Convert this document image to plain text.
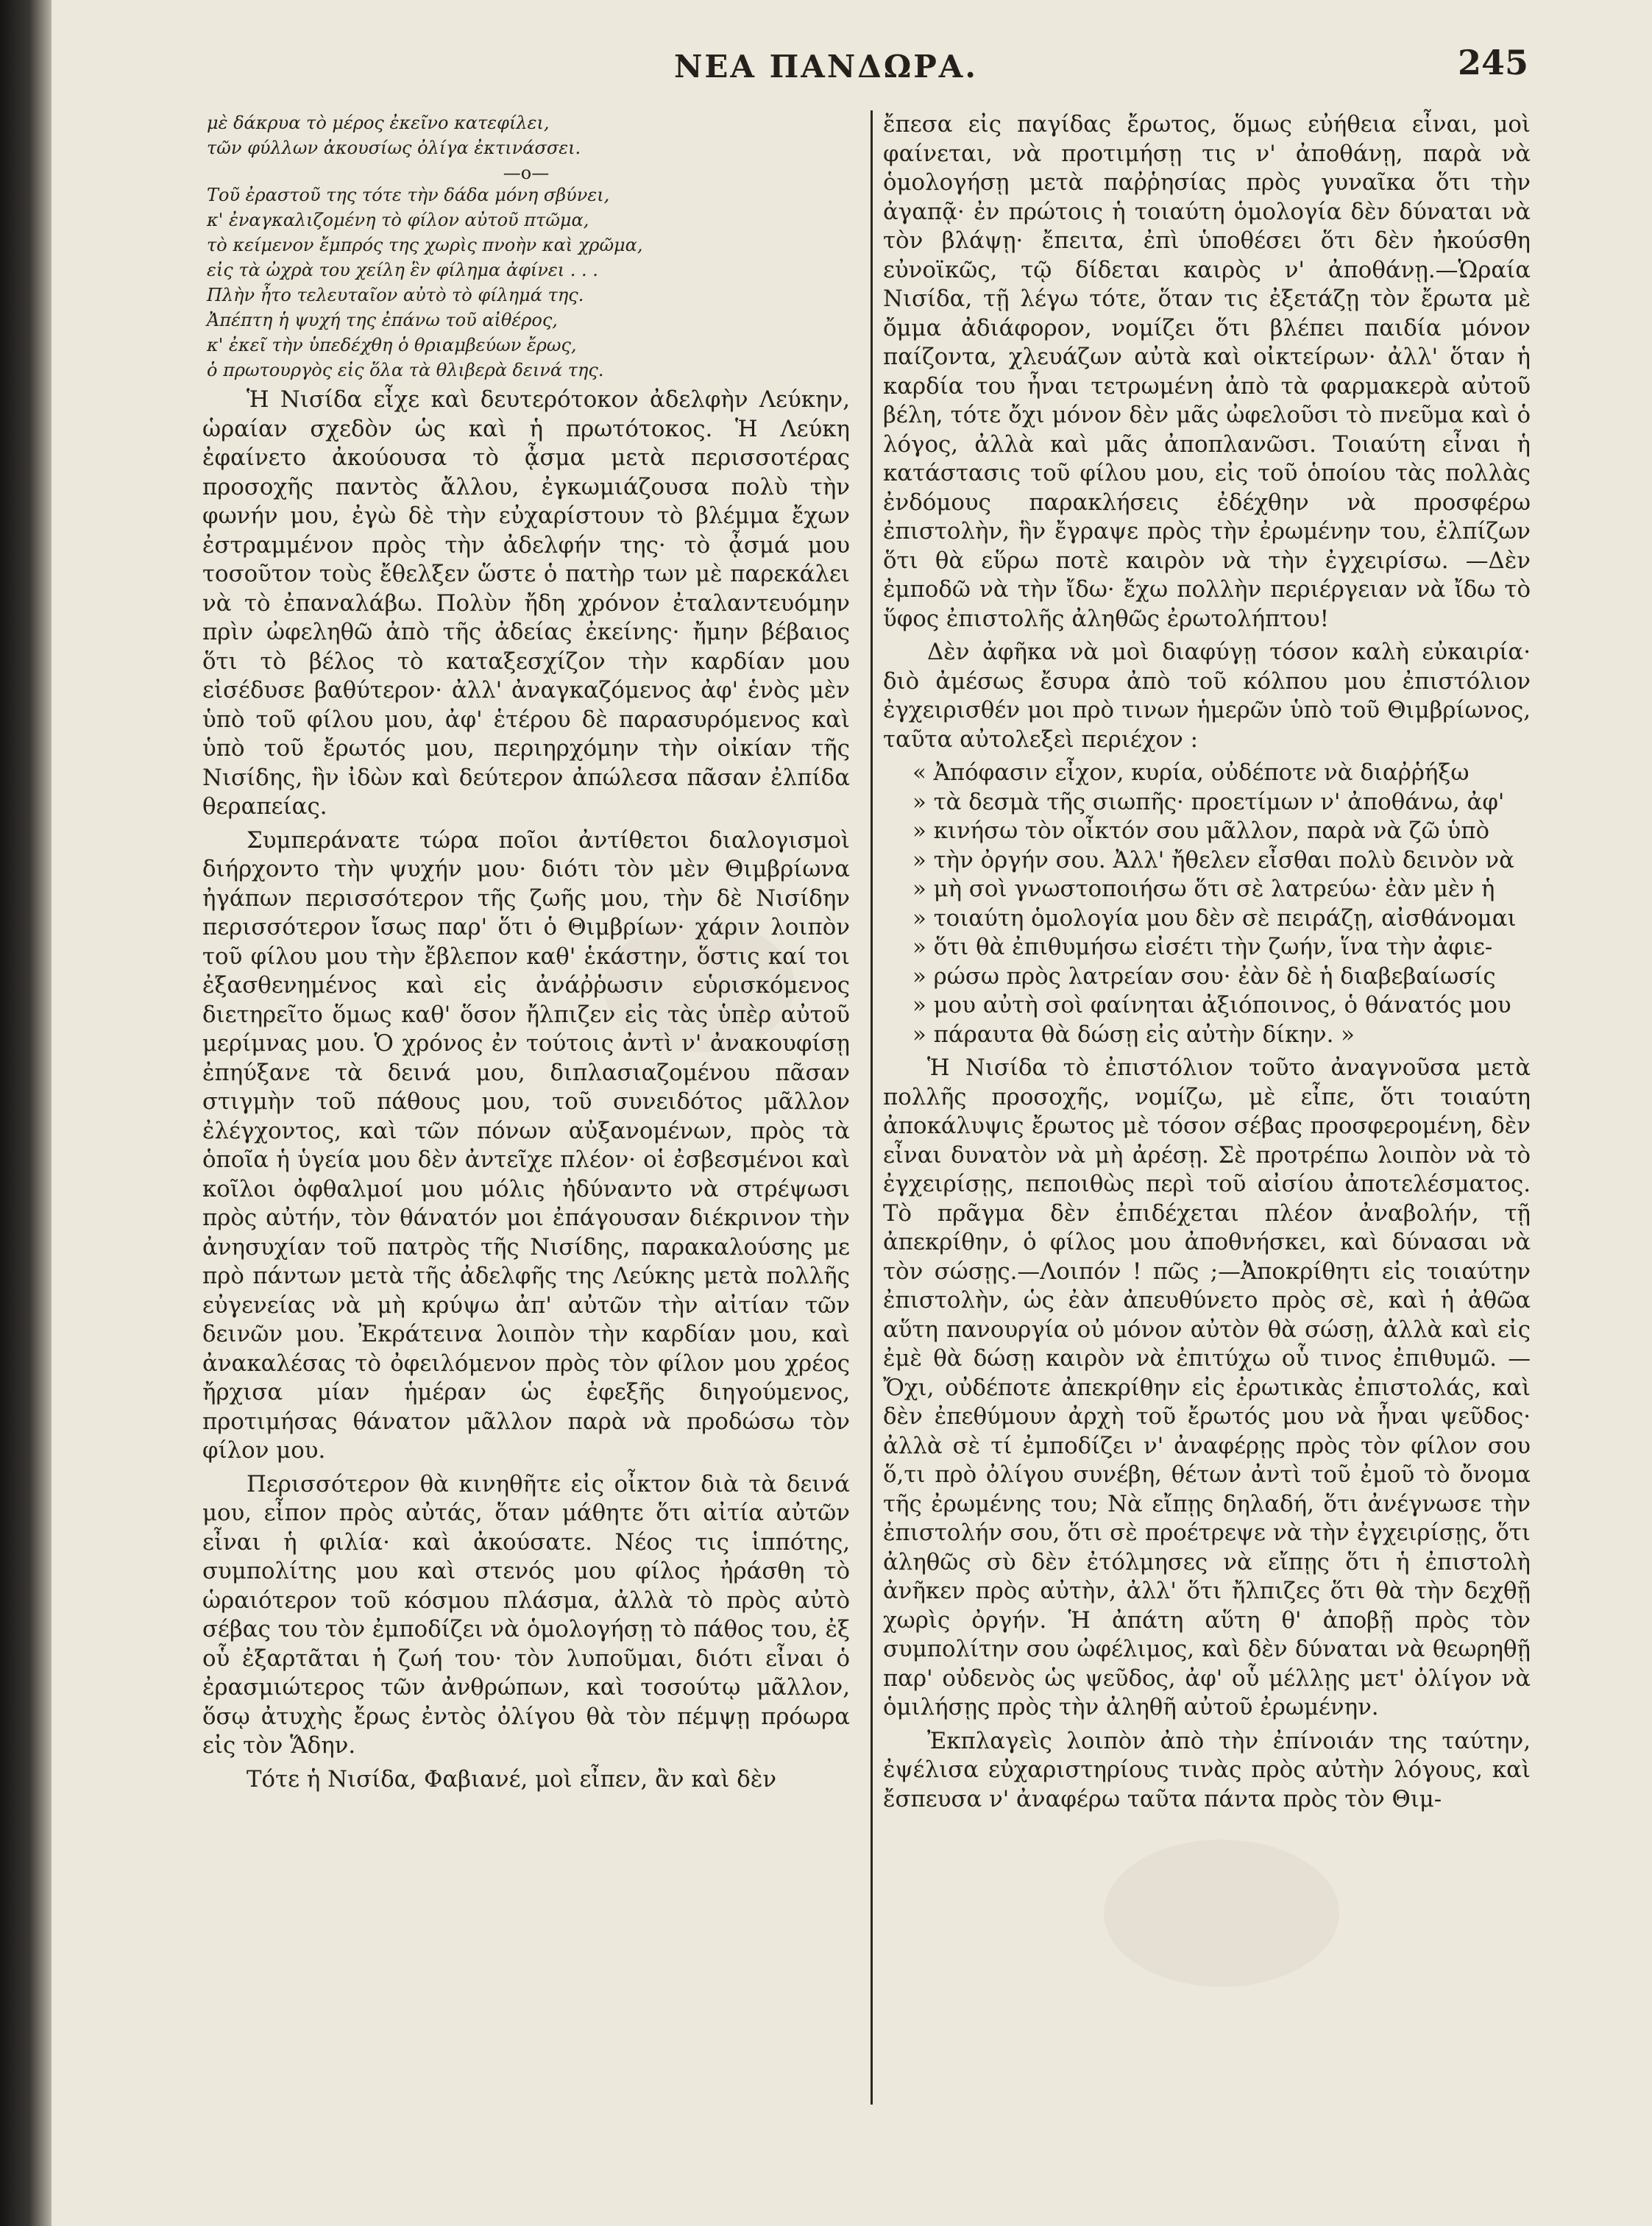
ΝΕΑ ΠΑΝΔΩΡΑ.	245

μὲ δάκρυα τὸ μέρος ἐκεῖνο κατεφίλει,

τῶν φύλλων ἀκουσίως ὀλίγα ἐκτινάσσει.

—o—

Τοῦ ἐραστοῦ της τότε τὴν δάδα μόνη σβύνει,

κ' ἐναγκαλιζομένη τὸ φίλον αὐτοῦ πτῶμα,

τὸ κείμενον ἔμπρός της χωρὶς πνοὴν καὶ χρῶμα,

εἰς τὰ ὠχρὰ του χείλη ἓν φίλημα ἀφίνει . . .

Πλὴν ἦτο τελευταῖον αὐτὸ τὸ φίλημά της.

Ἀπέπτη ἡ ψυχή της ἐπάνω τοῦ αἰθέρος,

κ' ἐκεῖ τὴν ὑπεδέχθη ὁ θριαμβεύων ἔρως,

ὁ πρωτουργὸς εἰς ὅλα τὰ θλιβερὰ δεινά της.

Ἡ Νισίδα εἶχε καὶ δευτερότοκον ἀδελφὴν Λεύκην, ὡραίαν σχεδὸν ὡς καὶ ἡ πρωτότοκος. Ἡ Λεύκη ἐφαίνετο ἀκούουσα τὸ ᾆσμα μετὰ περισσοτέρας προσοχῆς παντὸς ἄλλου, ἐγκωμιάζουσα πολὺ τὴν φωνήν μου, ἐγὼ δὲ τὴν εὐχαρίστουν τὸ βλέμμα ἔχων ἐστραμμένον πρὸς τὴν ἀδελφήν της· τὸ ᾆσμά μου τοσοῦτον τοὺς ἔθελξεν ὥστε ὁ πατὴρ των μὲ παρεκάλει νὰ τὸ ἐπαναλάβω. Πολὺν ἤδη χρόνον ἐταλαντευόμην πρὶν ὠφεληθῶ ἀπὸ τῆς ἀδείας ἐκείνης· ἤμην βέβαιος ὅτι τὸ βέλος τὸ καταξεσχίζον τὴν καρδίαν μου εἰσέδυσε βαθύτερον· ἀλλ' ἀναγκαζόμενος ἀφ' ἑνὸς μὲν ὑπὸ τοῦ φίλου μου, ἀφ' ἑτέρου δὲ παρασυρόμενος καὶ ὑπὸ τοῦ ἔρωτός μου, περιηρχόμην τὴν οἰκίαν τῆς Νισίδης, ἣν ἰδὼν καὶ δεύτερον ἀπώλεσα πᾶσαν ἐλπίδα θεραπείας.

Συμπεράνατε τώρα ποῖοι ἀντίθετοι διαλογισμοὶ διήρχοντο τὴν ψυχήν μου· διότι τὸν μὲν Θιμβρίωνα ἠγάπων περισσότερον τῆς ζωῆς μου, τὴν δὲ Νισίδην περισσότερον ἴσως παρ' ὅτι ὁ Θιμβρίων· χάριν λοιπὸν τοῦ φίλου μου τὴν ἔβλεπον καθ' ἑκάστην, ὅστις καί τοι ἐξασθενημένος καὶ εἰς ἀνάῤῥωσιν εὑρισκόμενος διετηρεῖτο ὅμως καθ' ὅσον ἤλπιζεν εἰς τὰς ὑπὲρ αὐτοῦ μερίμνας μου. Ὁ χρόνος ἐν τούτοις ἀντὶ ν' ἀνακουφίσῃ ἐπηύξανε τὰ δεινά μου, διπλασιαζομένου πᾶσαν στιγμὴν τοῦ πάθους μου, τοῦ συνειδότος μᾶλλον ἐλέγχοντος, καὶ τῶν πόνων αὐξανομένων, πρὸς τὰ ὁποῖα ἡ ὑγεία μου δὲν ἀντεῖχε πλέον· οἱ ἐσβεσμένοι καὶ κοῖλοι ὀφθαλμοί μου μόλις ἠδύναντο νὰ στρέψωσι πρὸς αὐτήν, τὸν θάνατόν μοι ἐπάγουσαν διέκρινον τὴν ἀνησυχίαν τοῦ πατρὸς τῆς Νισίδης, παρακαλούσης με πρὸ πάντων μετὰ τῆς ἀδελφῆς της Λεύκης μετὰ πολλῆς εὐγενείας νὰ μὴ κρύψω ἀπ' αὐτῶν τὴν αἰτίαν τῶν δεινῶν μου. Ἐκράτεινα λοιπὸν τὴν καρδίαν μου, καὶ ἀνακαλέσας τὸ ὀφειλόμενον πρὸς τὸν φίλον μου χρέος ἤρχισα μίαν ἡμέραν ὡς ἐφεξῆς διηγούμενος, προτιμήσας θάνατον μᾶλλον παρὰ νὰ προδώσω τὸν φίλον μου.

Περισσότερον θὰ κινηθῆτε εἰς οἶκτον διὰ τὰ δεινά μου, εἶπον πρὸς αὐτάς, ὅταν μάθητε ὅτι αἰτία αὐτῶν εἶναι ἡ φιλία· καὶ ἀκούσατε. Νέος τις ἱππότης, συμπολίτης μου καὶ στενός μου φίλος ἠράσθη τὸ ὡραιότερον τοῦ κόσμου πλάσμα, ἀλλὰ τὸ πρὸς αὐτὸ σέβας του τὸν ἐμποδίζει νὰ ὁμολογήσῃ τὸ πάθος του, ἐξ οὗ ἐξαρτᾶται ἡ ζωή του· τὸν λυποῦμαι, διότι εἶναι ὁ ἐρασμιώτερος τῶν ἀνθρώπων, καὶ τοσούτῳ μᾶλλον, ὅσῳ ἀτυχὴς ἔρως ἐντὸς ὀλίγου θὰ τὸν πέμψῃ πρόωρα εἰς τὸν Ἅδην.

Τότε ἡ Νισίδα, Φαβιανέ, μοὶ εἶπεν, ἂν καὶ δὲν

ἔπεσα εἰς παγίδας ἔρωτος, ὅμως εὐήθεια εἶναι, μοὶ φαίνεται, νὰ προτιμήσῃ τις ν' ἀποθάνῃ, παρὰ νὰ ὁμολογήσῃ μετὰ παῤῥησίας πρὸς γυναῖκα ὅτι τὴν ἀγαπᾷ· ἐν πρώτοις ἡ τοιαύτη ὁμολογία δὲν δύναται νὰ τὸν βλάψῃ· ἔπειτα, ἐπὶ ὑποθέσει ὅτι δὲν ἠκούσθη εὐνοϊκῶς, τῷ δίδεται καιρὸς ν' ἀποθάνῃ.—Ὡραία Νισίδα, τῇ λέγω τότε, ὅταν τις ἐξετάζῃ τὸν ἔρωτα μὲ ὄμμα ἀδιάφορον, νομίζει ὅτι βλέπει παιδία μόνον παίζοντα, χλευάζων αὐτὰ καὶ οἰκτείρων· ἀλλ' ὅταν ἡ καρδία του ἦναι τετρωμένη ἀπὸ τὰ φαρμακερὰ αὐτοῦ βέλη, τότε ὄχι μόνον δὲν μᾶς ὠφελοῦσι τὸ πνεῦμα καὶ ὁ λόγος, ἀλλὰ καὶ μᾶς ἀποπλανῶσι. Τοιαύτη εἶναι ἡ κατάστασις τοῦ φίλου μου, εἰς τοῦ ὁποίου τὰς πολλὰς ἐνδόμους παρακλήσεις ἐδέχθην νὰ προσφέρω ἐπιστολὴν, ἣν ἔγραψε πρὸς τὴν ἐρωμένην του, ἐλπίζων ὅτι θὰ εὕρω ποτὲ καιρὸν νὰ τὴν ἐγχειρίσω. —Δὲν ἐμποδῶ νὰ τὴν ἴδω· ἔχω πολλὴν περιέργειαν νὰ ἴδω τὸ ὕφος ἐπιστολῆς ἀληθῶς ἐρωτολήπτου!

Δὲν ἀφῆκα νὰ μοὶ διαφύγῃ τόσον καλὴ εὐκαιρία· διὸ ἀμέσως ἔσυρα ἀπὸ τοῦ κόλπου μου ἐπιστόλιον ἐγχειρισθέν μοι πρὸ τινων ἡμερῶν ὑπὸ τοῦ Θιμβρίωνος, ταῦτα αὐτολεξεὶ περιέχον :

« Ἀπόφασιν εἶχον, κυρία, οὐδέποτε νὰ διαῤῥήξω

» τὰ δεσμὰ τῆς σιωπῆς· προετίμων ν' ἀποθάνω, ἀφ'

» κινήσω τὸν οἶκτόν σου μᾶλλον, παρὰ νὰ ζῶ ὑπὸ

» τὴν ὀργήν σου. Ἀλλ' ἤθελεν εἶσθαι πολὺ δεινὸν νὰ

» μὴ σοὶ γνωστοποιήσω ὅτι σὲ λατρεύω· ἐὰν μὲν ἡ

» τοιαύτη ὁμολογία μου δὲν σὲ πειράζῃ, αἰσθάνομαι

» ὅτι θὰ ἐπιθυμήσω εἰσέτι τὴν ζωήν, ἵνα τὴν ἀφιε-

» ρώσω πρὸς λατρείαν σου· ἐὰν δὲ ἡ διαβεβαίωσίς

» μου αὐτὴ σοὶ φαίνηται ἀξιόποινος, ὁ θάνατός μου

» πάραυτα θὰ δώσῃ εἰς αὐτὴν δίκην. »

Ἡ Νισίδα τὸ ἐπιστόλιον τοῦτο ἀναγνοῦσα μετὰ πολλῆς προσοχῆς, νομίζω, μὲ εἶπε, ὅτι τοιαύτη ἀποκάλυψις ἔρωτος μὲ τόσον σέβας προσφερομένη, δὲν εἶναι δυνατὸν νὰ μὴ ἀρέσῃ. Σὲ προτρέπω λοιπὸν νὰ τὸ ἐγχειρίσῃς, πεποιθὼς περὶ τοῦ αἰσίου ἀποτελέσματος. Τὸ πρᾶγμα δὲν ἐπιδέχεται πλέον ἀναβολήν, τῇ ἀπεκρίθην, ὁ φίλος μου ἀποθνήσκει, καὶ δύνασαι νὰ τὸν σώσῃς.—Λοιπόν ! πῶς ;—Ἀποκρίθητι εἰς τοιαύτην ἐπιστολὴν, ὡς ἐὰν ἀπευθύνετο πρὸς σὲ, καὶ ἡ ἀθῶα αὕτη πανουργία οὐ μόνον αὐτὸν θὰ σώσῃ, ἀλλὰ καὶ εἰς ἐμὲ θὰ δώσῃ καιρὸν νὰ ἐπιτύχω οὗ τινος ἐπιθυμῶ. — Ὄχι, οὐδέποτε ἀπεκρίθην εἰς ἐρωτικὰς ἐπιστολάς, καὶ δὲν ἐπεθύμουν ἀρχὴ τοῦ ἔρωτός μου νὰ ἦναι ψεῦδος· ἀλλὰ σὲ τί ἐμποδίζει ν' ἀναφέρῃς πρὸς τὸν φίλον σου ὅ,τι πρὸ ὀλίγου συνέβη, θέτων ἀντὶ τοῦ ἐμοῦ τὸ ὄνομα τῆς ἐρωμένης του; Νὰ εἴπῃς δηλαδή, ὅτι ἀνέγνωσε τὴν ἐπιστολήν σου, ὅτι σὲ προέτρεψε νὰ τὴν ἐγχειρίσῃς, ὅτι ἀληθῶς σὺ δὲν ἐτόλμησες νὰ εἴπῃς ὅτι ἡ ἐπιστολὴ ἀνῆκεν πρὸς αὐτὴν, ἀλλ' ὅτι ἤλπιζες ὅτι θὰ τὴν δεχθῇ χωρὶς ὀργήν. Ἡ ἀπάτη αὕτη θ' ἀποβῇ πρὸς τὸν συμπολίτην σου ὠφέλιμος, καὶ δὲν δύναται νὰ θεωρηθῇ παρ' οὐδενὸς ὡς ψεῦδος, ἀφ' οὗ μέλλῃς μετ' ὀλίγον νὰ ὁμιλήσῃς πρὸς τὴν ἀληθῆ αὐτοῦ ἐρωμένην.

Ἐκπλαγεὶς λοιπὸν ἀπὸ τὴν ἐπίνοιάν της ταύτην, ἐψέλισα εὐχαριστηρίους τινὰς πρὸς αὐτὴν λόγους, καὶ ἔσπευσα ν' ἀναφέρω ταῦτα πάντα πρὸς τὸν Θιμ-
